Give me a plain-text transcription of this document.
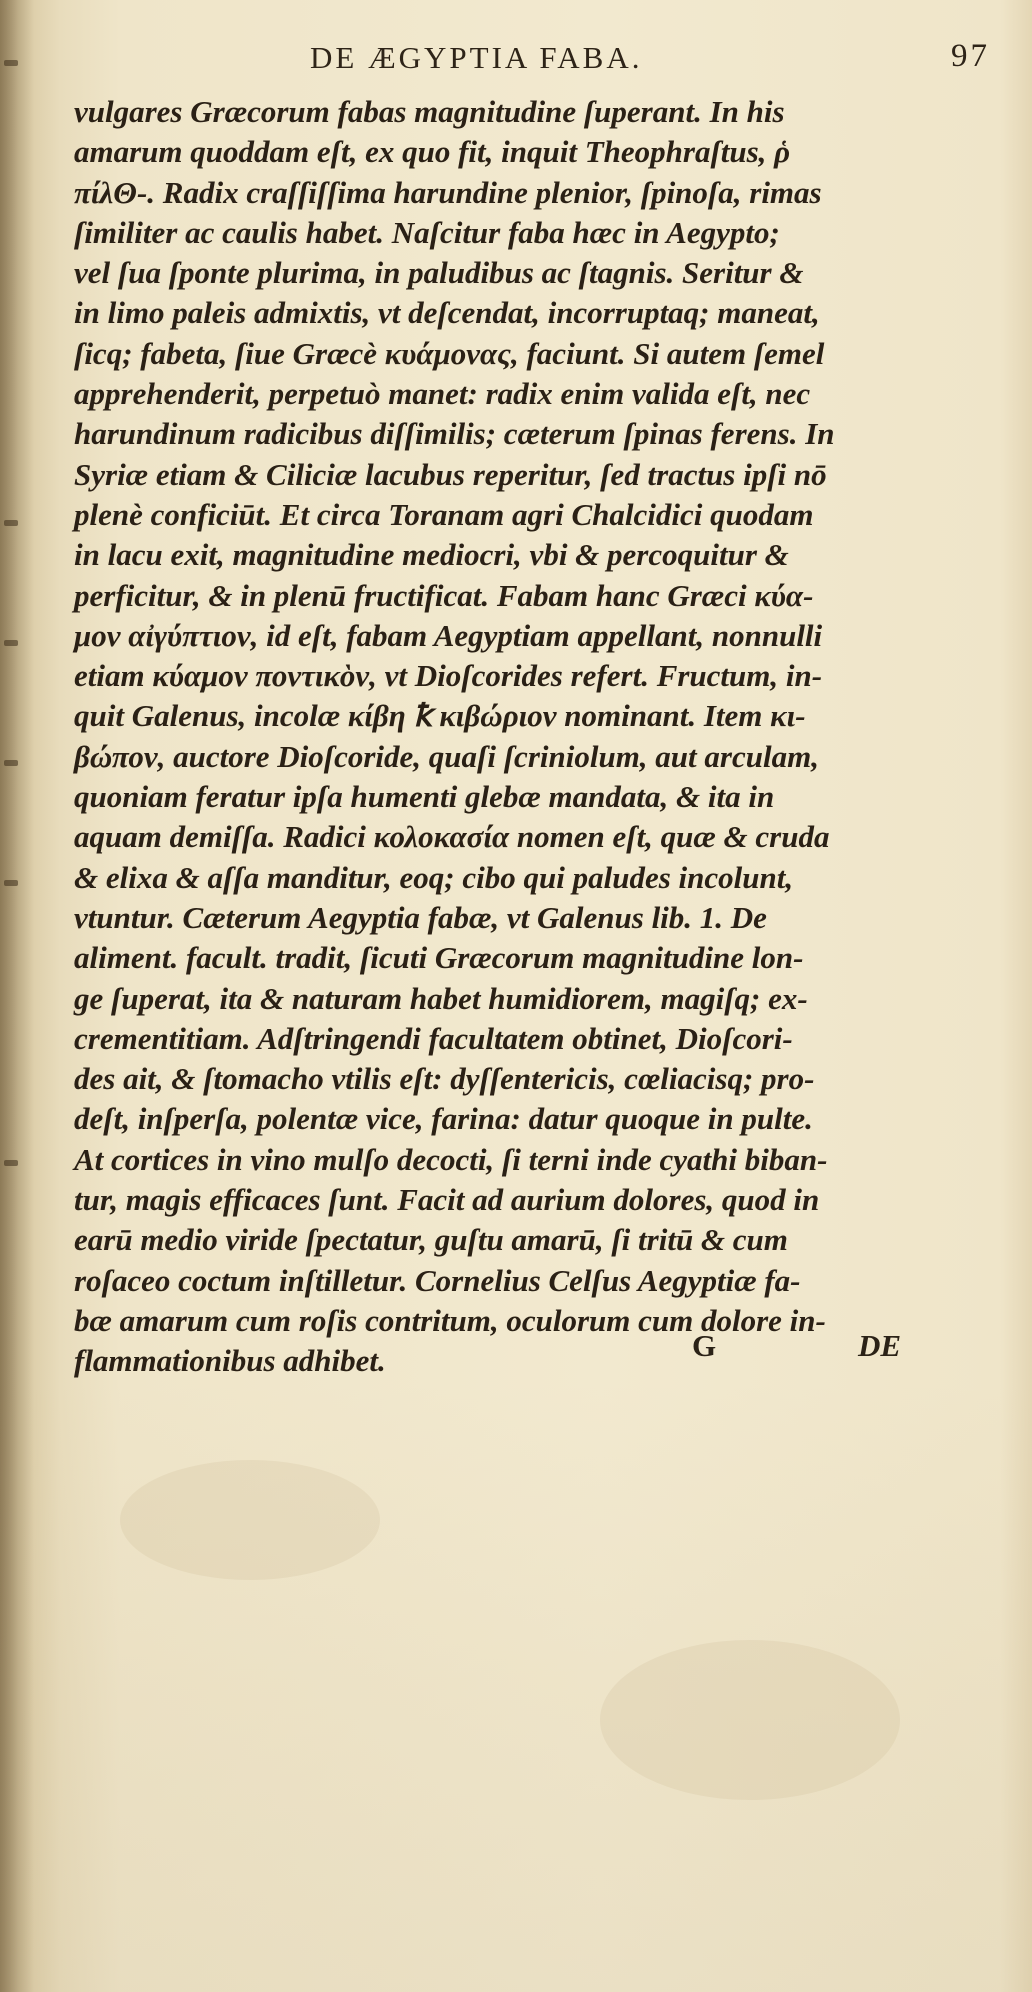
DE ÆGYPTIA FABA.	97
vulgares Græcorum fabas magnitudine ſuperant. In his
amarum quoddam eſt, ex quo fit, inquit Theophraſtus, ῥ
πίλΘ-. Radix craſſiſſima harundine plenior, ſpinoſa, rimas
ſimiliter ac caulis habet. Naſcitur faba hæc in Aegypto;
vel ſua ſponte plurima, in paludibus ac ſtagnis. Seritur &
in limo paleis admixtis, vt deſcendat, incorruptaq; maneat,
ſicq; fabeta, ſiue Græcè κυάμονας, faciunt. Si autem ſemel
apprehenderit, perpetuò manet: radix enim valida eſt, nec
harundinum radicibus diſſimilis; cæterum ſpinas ferens. In
Syriæ etiam & Ciliciæ lacubus reperitur, ſed tractus ipſi nō
plenè conficiūt. Et circa Toranam agri Chalcidici quodam
in lacu exit, magnitudine mediocri, vbi & percoquitur &
perficitur, & in plenū fructificat. Fabam hanc Græci κύα-
μον αἰγύπτιον, id eſt, fabam Aegyptiam appellant, nonnulli
etiam κύαμον ποντικὸν, vt Dioſcorides refert. Fructum, in-
quit Galenus, incolæ κίβη ꝁ κιβώριον nominant. Item κι-
βώπον, auctore Dioſcoride, quaſi ſcriniolum, aut arculam,
quoniam feratur ipſa humenti glebæ mandata, & ita in
aquam demiſſa. Radici κολοκασία nomen eſt, quæ & cruda
& elixa & aſſa manditur, eoq; cibo qui paludes incolunt,
vtuntur. Cæterum Aegyptia fabæ, vt Galenus lib. 1. De
aliment. facult. tradit, ſicuti Græcorum magnitudine lon-
ge ſuperat, ita & naturam habet humidiorem, magiſq; ex-
crementitiam. Adſtringendi facultatem obtinet, Dioſcori-
des ait, & ſtomacho vtilis eſt: dyſſentericis, cœliacisq; pro-
deſt, inſperſa, polentæ vice, farina: datur quoque in pulte.
At cortices in vino mulſo decocti, ſi terni inde cyathi biban-
tur, magis efficaces ſunt. Facit ad aurium dolores, quod in
earū medio viride ſpectatur, guſtu amarū, ſi tritū & cum
roſaceo coctum inſtilletur. Cornelius Celſus Aegyptiæ fa-
bæ amarum cum roſis contritum, oculorum cum dolore in-
flammationibus adhibet.	G	DE
